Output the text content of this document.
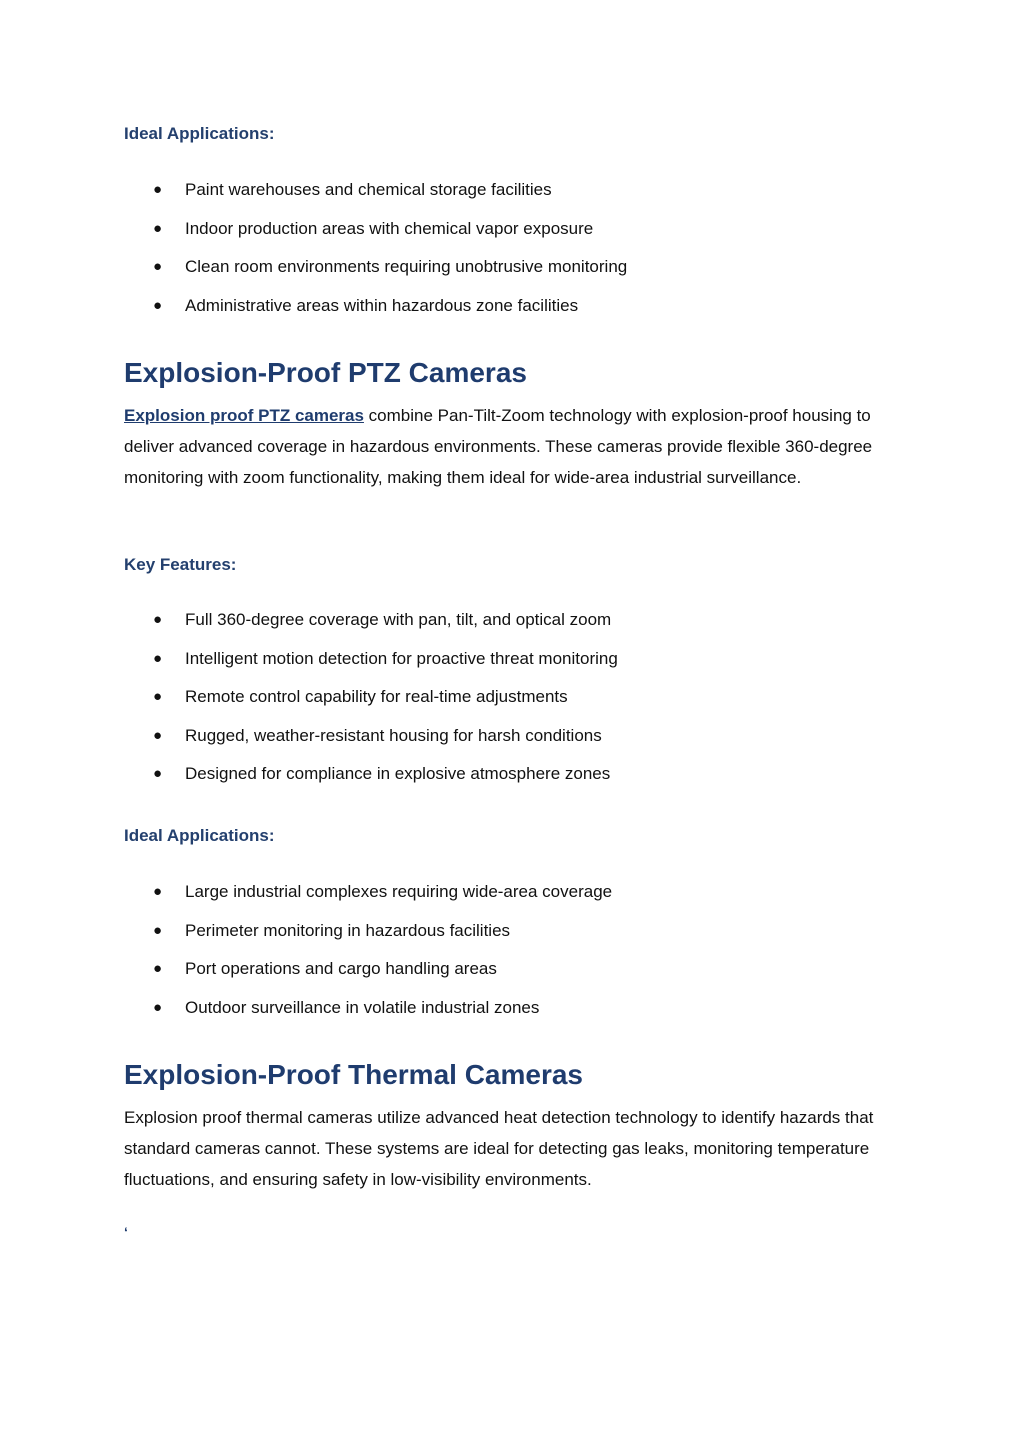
Ideal Applications:
● Paint warehouses and chemical storage facilities
● Indoor production areas with chemical vapor exposure
● Clean room environments requiring unobtrusive monitoring
● Administrative areas within hazardous zone facilities
Explosion-Proof PTZ Cameras

Explosion proof PTZ cameras combine Pan-Tilt-Zoom technology with explosion-proof housing to deliver advanced coverage in hazardous environments. These cameras provide flexible 360-degree monitoring with zoom functionality, making them ideal for wide-area industrial surveillance.

Key Features:
● Full 360-degree coverage with pan, tilt, and optical zoom
● Intelligent motion detection for proactive threat monitoring
● Remote control capability for real-time adjustments
● Rugged, weather-resistant housing for harsh conditions
● Designed for compliance in explosive atmosphere zones
Ideal Applications:
● Large industrial complexes requiring wide-area coverage
● Perimeter monitoring in hazardous facilities
● Port operations and cargo handling areas
● Outdoor surveillance in volatile industrial zones
Explosion-Proof Thermal Cameras

Explosion proof thermal cameras utilize advanced heat detection technology to identify hazards that standard cameras cannot. These systems are ideal for detecting gas leaks, monitoring temperature fluctuations, and ensuring safety in low-visibility environments.

‘
